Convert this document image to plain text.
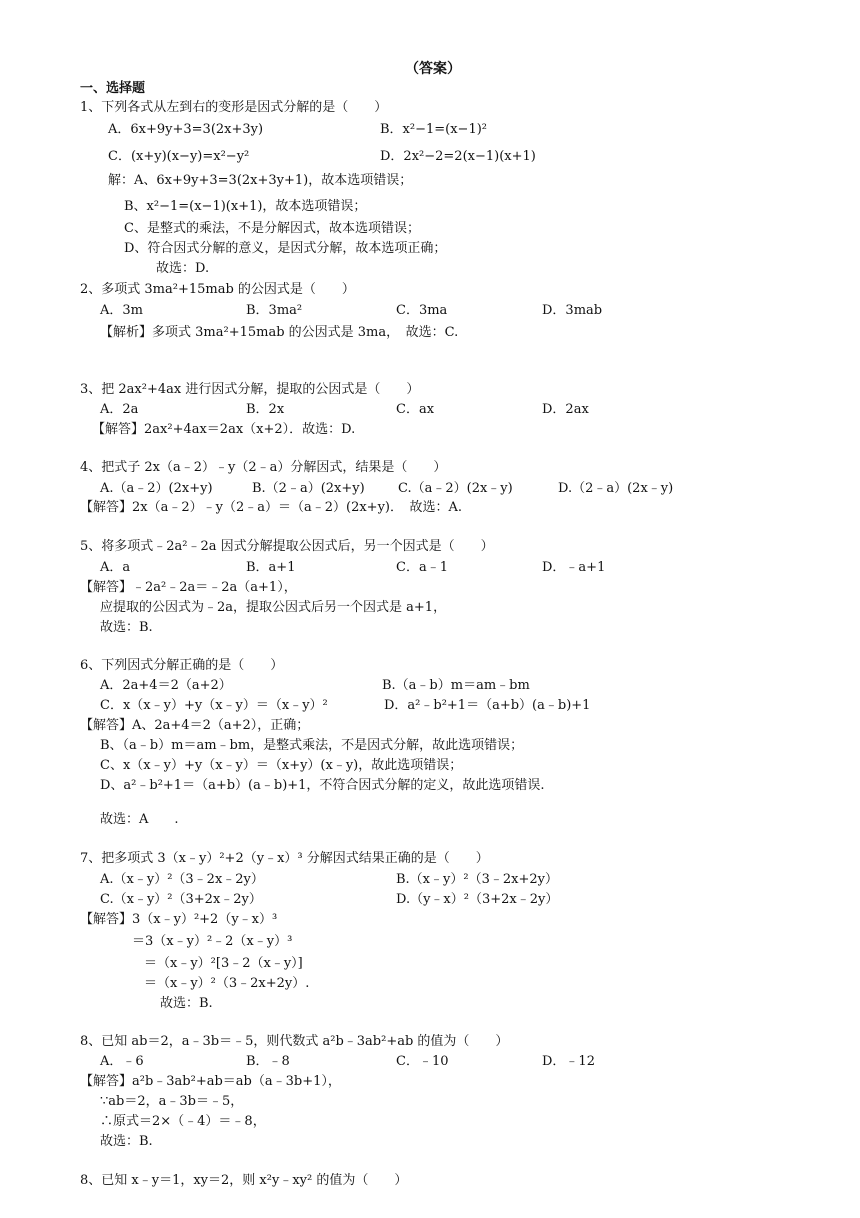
（答案）
一、选择题
1、下列各式从左到右的变形是因式分解的是（　　）
A．6x+9y+3=3(2x+3y)	B．x²−1=(x−1)²
C．(x+y)(x−y)=x²−y²	D．2x²−2=2(x−1)(x+1)
解：A、6x+9y+3=3(2x+3y+1)，故本选项错误；
B、x²−1=(x−1)(x+1)，故本选项错误；
C、是整式的乘法，不是分解因式，故本选项错误；
D、符合因式分解的意义，是因式分解，故本选项正确；
故选：D.
2、多项式 3ma²+15mab 的公因式是（　　）
A．3m	B．3ma²	C．3ma	D．3mab
【解析】多项式 3ma²+15mab 的公因式是 3ma，　故选：C.
3、把 2ax²+4ax 进行因式分解，提取的公因式是（　　）
A．2a	B．2x	C．ax	D．2ax
【解答】2ax²+4ax＝2ax（x+2）．故选：D.
4、把式子 2x（a﹣2）﹣y（2﹣a）分解因式，结果是（　　）
A.（a﹣2）(2x+y)	B.（2﹣a）(2x+y)	C.（a﹣2）(2x﹣y)	D.（2﹣a）(2x﹣y)
【解答】2x（a﹣2）﹣y（2﹣a）＝（a﹣2）(2x+y)．　故选：A.
5、将多项式﹣2a²﹣2a 因式分解提取公因式后，另一个因式是（　　）
A．a	B．a+1	C．a﹣1	D．﹣a+1
【解答】﹣2a²﹣2a＝﹣2a（a+1），
应提取的公因式为﹣2a，提取公因式后另一个因式是 a+1，
故选：B.
6、下列因式分解正确的是（　　）
A．2a+4＝2（a+2）	B.（a﹣b）m＝am﹣bm
C．x（x﹣y）+y（x﹣y）＝（x﹣y）²	D．a²﹣b²+1＝（a+b）(a﹣b)+1
【解答】A、2a+4＝2（a+2），正确；
B、（a﹣b）m＝am﹣bm，是整式乘法，不是因式分解，故此选项错误；
C、x（x﹣y）+y（x﹣y）＝（x+y）(x﹣y)，故此选项错误；
D、a²﹣b²+1＝（a+b）(a﹣b)+1，不符合因式分解的定义，故此选项错误.
故选：A　　.
7、把多项式 3（x﹣y）²+2（y﹣x）³ 分解因式结果正确的是（　　）
A.（x﹣y）²（3﹣2x﹣2y）	B.（x﹣y）²（3﹣2x+2y）
C.（x﹣y）²（3+2x﹣2y）	D.（y﹣x）²（3+2x﹣2y）
【解答】3（x﹣y）²+2（y﹣x）³
＝3（x﹣y）²﹣2（x﹣y）³
＝（x﹣y）²[3﹣2（x﹣y）]
＝（x﹣y）²（3﹣2x+2y）.
故选：B.
8、已知 ab＝2，a﹣3b＝﹣5，则代数式 a²b﹣3ab²+ab 的值为（　　）
A．﹣6	B．﹣8	C．﹣10	D．﹣12
【解答】a²b﹣3ab²+ab＝ab（a﹣3b+1），
∵ab＝2，a﹣3b＝﹣5，
∴原式＝2×（﹣4）＝﹣8，
故选：B.
8、已知 x﹣y＝1，xy＝2，则 x²y﹣xy² 的值为（　　）
